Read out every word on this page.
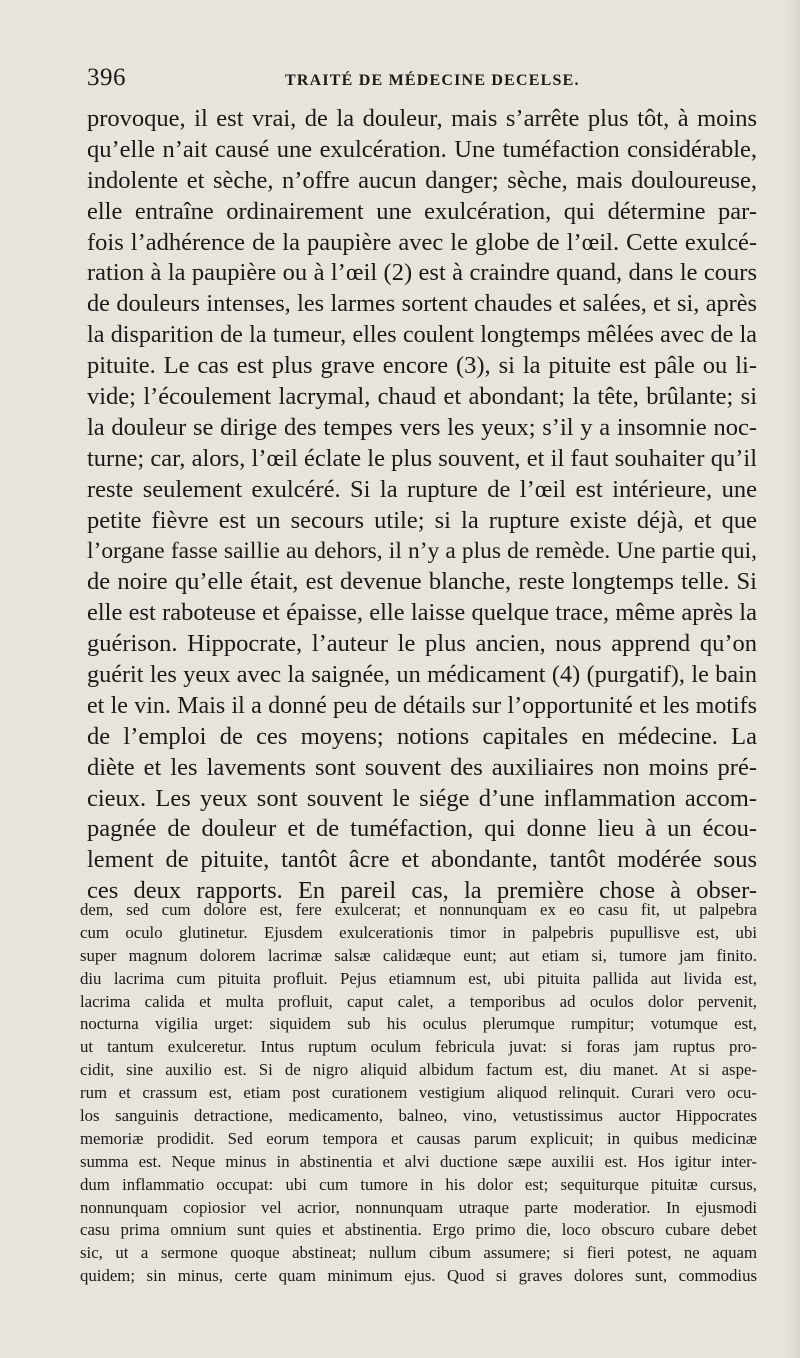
396	TRAITÉ DE MÉDECINE DECELSE.
provoque, il est vrai, de la douleur, mais s’arrête plus tôt, à moins
qu’elle n’ait causé une exulcération. Une tuméfaction considérable,
indolente et sèche, n’offre aucun danger; sèche, mais douloureuse,
elle entraîne ordinairement une exulcération, qui détermine par-
fois l’adhérence de la paupière avec le globe de l’œil. Cette exulcé-
ration à la paupière ou à l’œil (2) est à craindre quand, dans le cours
de douleurs intenses, les larmes sortent chaudes et salées, et si, après
la disparition de la tumeur, elles coulent longtemps mêlées avec de la
pituite. Le cas est plus grave encore (3), si la pituite est pâle ou li-
vide; l’écoulement lacrymal, chaud et abondant; la tête, brûlante; si
la douleur se dirige des tempes vers les yeux; s’il y a insomnie noc-
turne; car, alors, l’œil éclate le plus souvent, et il faut souhaiter qu’il
reste seulement exulcéré. Si la rupture de l’œil est intérieure, une
petite fièvre est un secours utile; si la rupture existe déjà, et que
l’organe fasse saillie au dehors, il n’y a plus de remède. Une partie qui,
de noire qu’elle était, est devenue blanche, reste longtemps telle. Si
elle est raboteuse et épaisse, elle laisse quelque trace, même après la
guérison. Hippocrate, l’auteur le plus ancien, nous apprend qu’on
guérit les yeux avec la saignée, un médicament (4) (purgatif), le bain
et le vin. Mais il a donné peu de détails sur l’opportunité et les motifs
de l’emploi de ces moyens; notions capitales en médecine. La
diète et les lavements sont souvent des auxiliaires non moins pré-
cieux. Les yeux sont souvent le siége d’une inflammation accom-
pagnée de douleur et de tuméfaction, qui donne lieu à un écou-
lement de pituite, tantôt âcre et abondante, tantôt modérée sous
ces deux rapports. En pareil cas, la première chose à obser-
dem, sed cum dolore est, fere exulcerat; et nonnunquam ex eo casu fit, ut palpebra
cum oculo glutinetur. Ejusdem exulcerationis timor in palpebris pupullisve est, ubi
super magnum dolorem lacrimæ salsæ calidæque eunt; aut etiam si, tumore jam finito.
diu lacrima cum pituita profluit. Pejus etiamnum est, ubi pituita pallida aut livida est,
lacrima calida et multa profluit, caput calet, a temporibus ad oculos dolor pervenit,
nocturna vigilia urget: siquidem sub his oculus plerumque rumpitur; votumque est,
ut tantum exulceretur. Intus ruptum oculum febricula juvat: si foras jam ruptus pro-
cidit, sine auxilio est. Si de nigro aliquid albidum factum est, diu manet. At si aspe-
rum et crassum est, etiam post curationem vestigium aliquod relinquit. Curari vero ocu-
los sanguinis detractione, medicamento, balneo, vino, vetustissimus auctor Hippocrates
memoriæ prodidit. Sed eorum tempora et causas parum explicuit; in quibus medicinæ
summa est. Neque minus in abstinentia et alvi ductione sæpe auxilii est. Hos igitur inter-
dum inflammatio occupat: ubi cum tumore in his dolor est; sequiturque pituitæ cursus,
nonnunquam copiosior vel acrior, nonnunquam utraque parte moderatior. In ejusmodi
casu prima omnium sunt quies et abstinentia. Ergo primo die, loco obscuro cubare debet
sic, ut a sermone quoque abstineat; nullum cibum assumere; si fieri potest, ne aquam
quidem; sin minus, certe quam minimum ejus. Quod si graves dolores sunt, commodius
